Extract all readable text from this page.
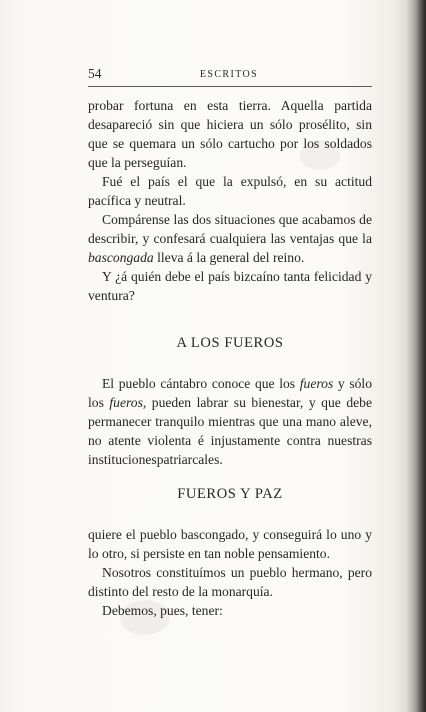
54	ESCRITOS

probar fortuna en esta tierra. Aquella partida desapareció sin que hiciera un sólo prosélito, sin que se quemara un sólo cartucho por los soldados que la perseguían.

Fué el país el que la expulsó, en su actitud pacífica y neutral.

Compárense las dos situaciones que acabamos de describir, y confesará cualquiera las ventajas que la bascongada lleva á la general del reino.

Y ¿á quién debe el país bizcaíno tanta felicidad y ventura?

A LOS FUEROS

El pueblo cántabro conoce que los fueros y sólo los fueros, pueden labrar su bienestar, y que debe permanecer tranquilo mientras que una mano aleve, no atente violenta é injustamente contra nuestras institucionespatriarcales.

FUEROS Y PAZ

quiere el pueblo bascongado, y conseguirá lo uno y lo otro, si persiste en tan noble pensamiento.

Nosotros constituímos un pueblo hermano, pero distinto del resto de la monarquía.

Debemos, pues, tener:
